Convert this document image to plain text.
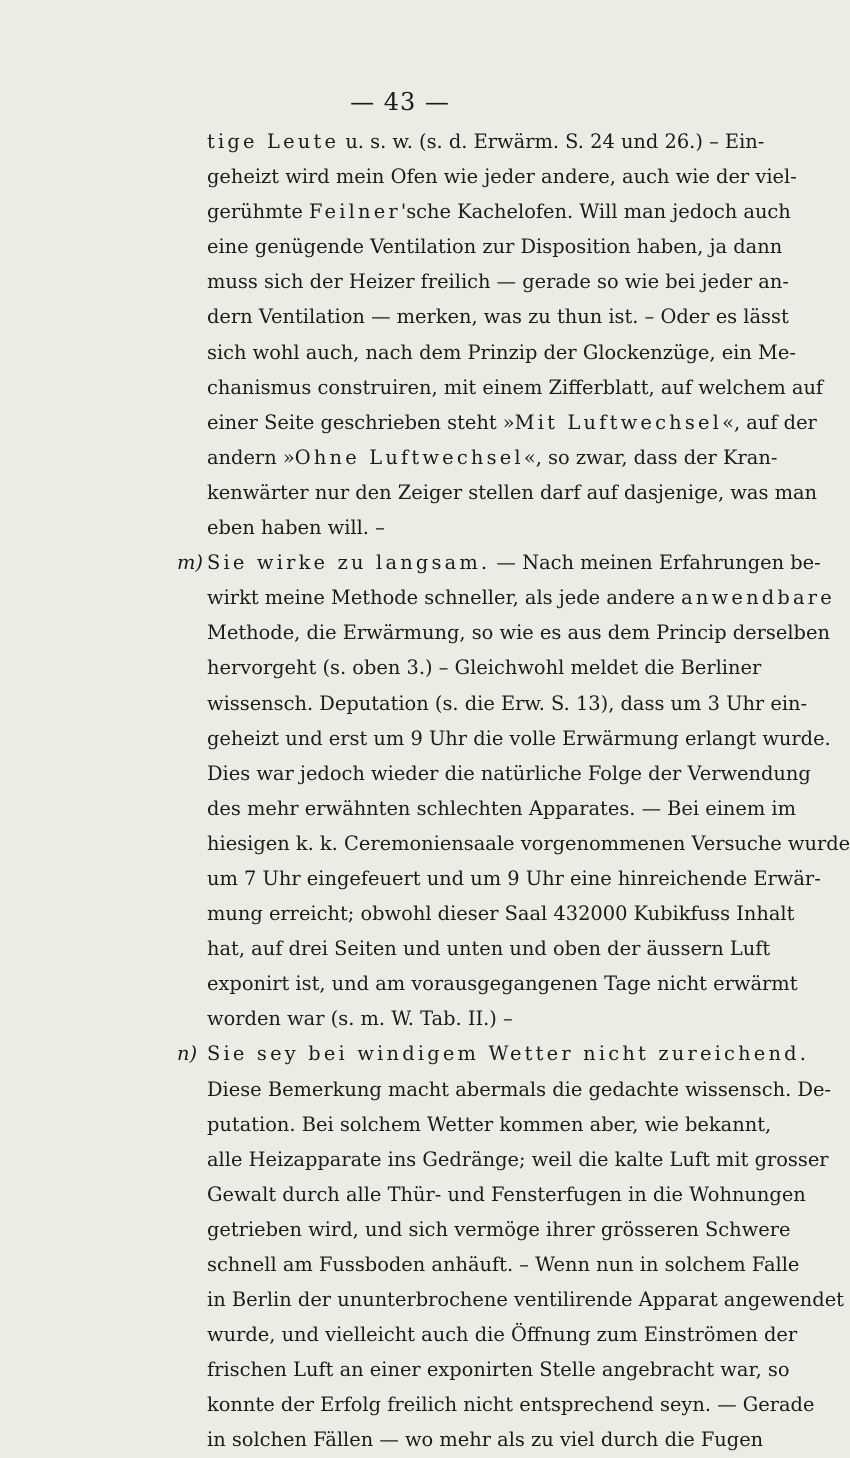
— 43 —
tige Leute u. s. w. (s. d. Erwärm. S. 24 und 26.) – Ein-
geheizt wird mein Ofen wie jeder andere, auch wie der viel-
gerühmte Feilner'sche Kachelofen. Will man jedoch auch
eine genügende Ventilation zur Disposition haben, ja dann
muss sich der Heizer freilich — gerade so wie bei jeder an-
dern Ventilation — merken, was zu thun ist. – Oder es lässt
sich wohl auch, nach dem Prinzip der Glockenzüge, ein Me-
chanismus construiren, mit einem Zifferblatt, auf welchem auf
einer Seite geschrieben steht »Mit Luftwechsel«, auf der
andern »Ohne Luftwechsel«, so zwar, dass der Kran-
kenwärter nur den Zeiger stellen darf auf dasjenige, was man
eben haben will. –
m) Sie wirke zu langsam. — Nach meinen Erfahrungen be-
wirkt meine Methode schneller, als jede andere anwendbare
Methode, die Erwärmung, so wie es aus dem Princip derselben
hervorgeht (s. oben 3.) – Gleichwohl meldet die Berliner
wissensch. Deputation (s. die Erw. S. 13), dass um 3 Uhr ein-
geheizt und erst um 9 Uhr die volle Erwärmung erlangt wurde.
Dies war jedoch wieder die natürliche Folge der Verwendung
des mehr erwähnten schlechten Apparates. — Bei einem im
hiesigen k. k. Ceremoniensaale vorgenommenen Versuche wurde
um 7 Uhr eingefeuert und um 9 Uhr eine hinreichende Erwär-
mung erreicht; obwohl dieser Saal 432000 Kubikfuss Inhalt
hat, auf drei Seiten und unten und oben der äussern Luft
exponirt ist, und am vorausgegangenen Tage nicht erwärmt
worden war (s. m. W. Tab. II.) –
n) Sie sey bei windigem Wetter nicht zureichend.
Diese Bemerkung macht abermals die gedachte wissensch. De-
putation. Bei solchem Wetter kommen aber, wie bekannt,
alle Heizapparate ins Gedränge; weil die kalte Luft mit grosser
Gewalt durch alle Thür- und Fensterfugen in die Wohnungen
getrieben wird, und sich vermöge ihrer grösseren Schwere
schnell am Fussboden anhäuft. – Wenn nun in solchem Falle
in Berlin der ununterbrochene ventilirende Apparat angewendet
wurde, und vielleicht auch die Öffnung zum Einströmen der
frischen Luft an einer exponirten Stelle angebracht war, so
konnte der Erfolg freilich nicht entsprechend seyn. — Gerade
in solchen Fällen — wo mehr als zu viel durch die Fugen
